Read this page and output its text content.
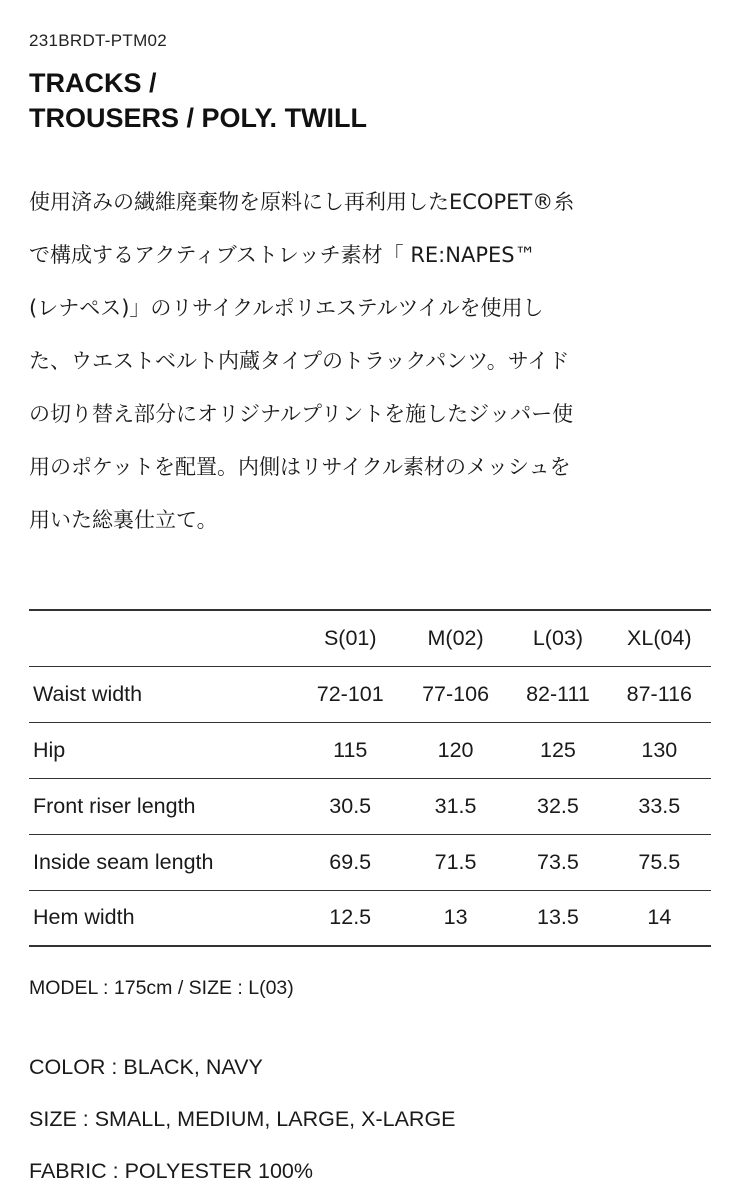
231BRDT-PTM02
TRACKS /
TROUSERS / POLY. TWILL
使用済みの繊維廃棄物を原料にし再利用したECOPET®糸
で構成するアクティブストレッチ素材「 RE:NAPES™
(レナペス)」のリサイクルポリエステルツイルを使用し
た、ウエストベルト内蔵タイプのトラックパンツ。サイド
の切り替え部分にオリジナルプリントを施したジッパー使
用のポケットを配置。内側はリサイクル素材のメッシュを
用いた総裏仕立て。
	S(01)	M(02)	L(03)	XL(04)
Waist width	72-101	77-106	82-111	87-116
Hip	115	120	125	130
Front riser length	30.5	31.5	32.5	33.5
Inside seam length	69.5	71.5	73.5	75.5
Hem width	12.5	13	13.5	14
MODEL : 175cm / SIZE : L(03)
COLOR : BLACK, NAVY
SIZE : SMALL, MEDIUM, LARGE, X-LARGE
FABRIC : POLYESTER 100%
